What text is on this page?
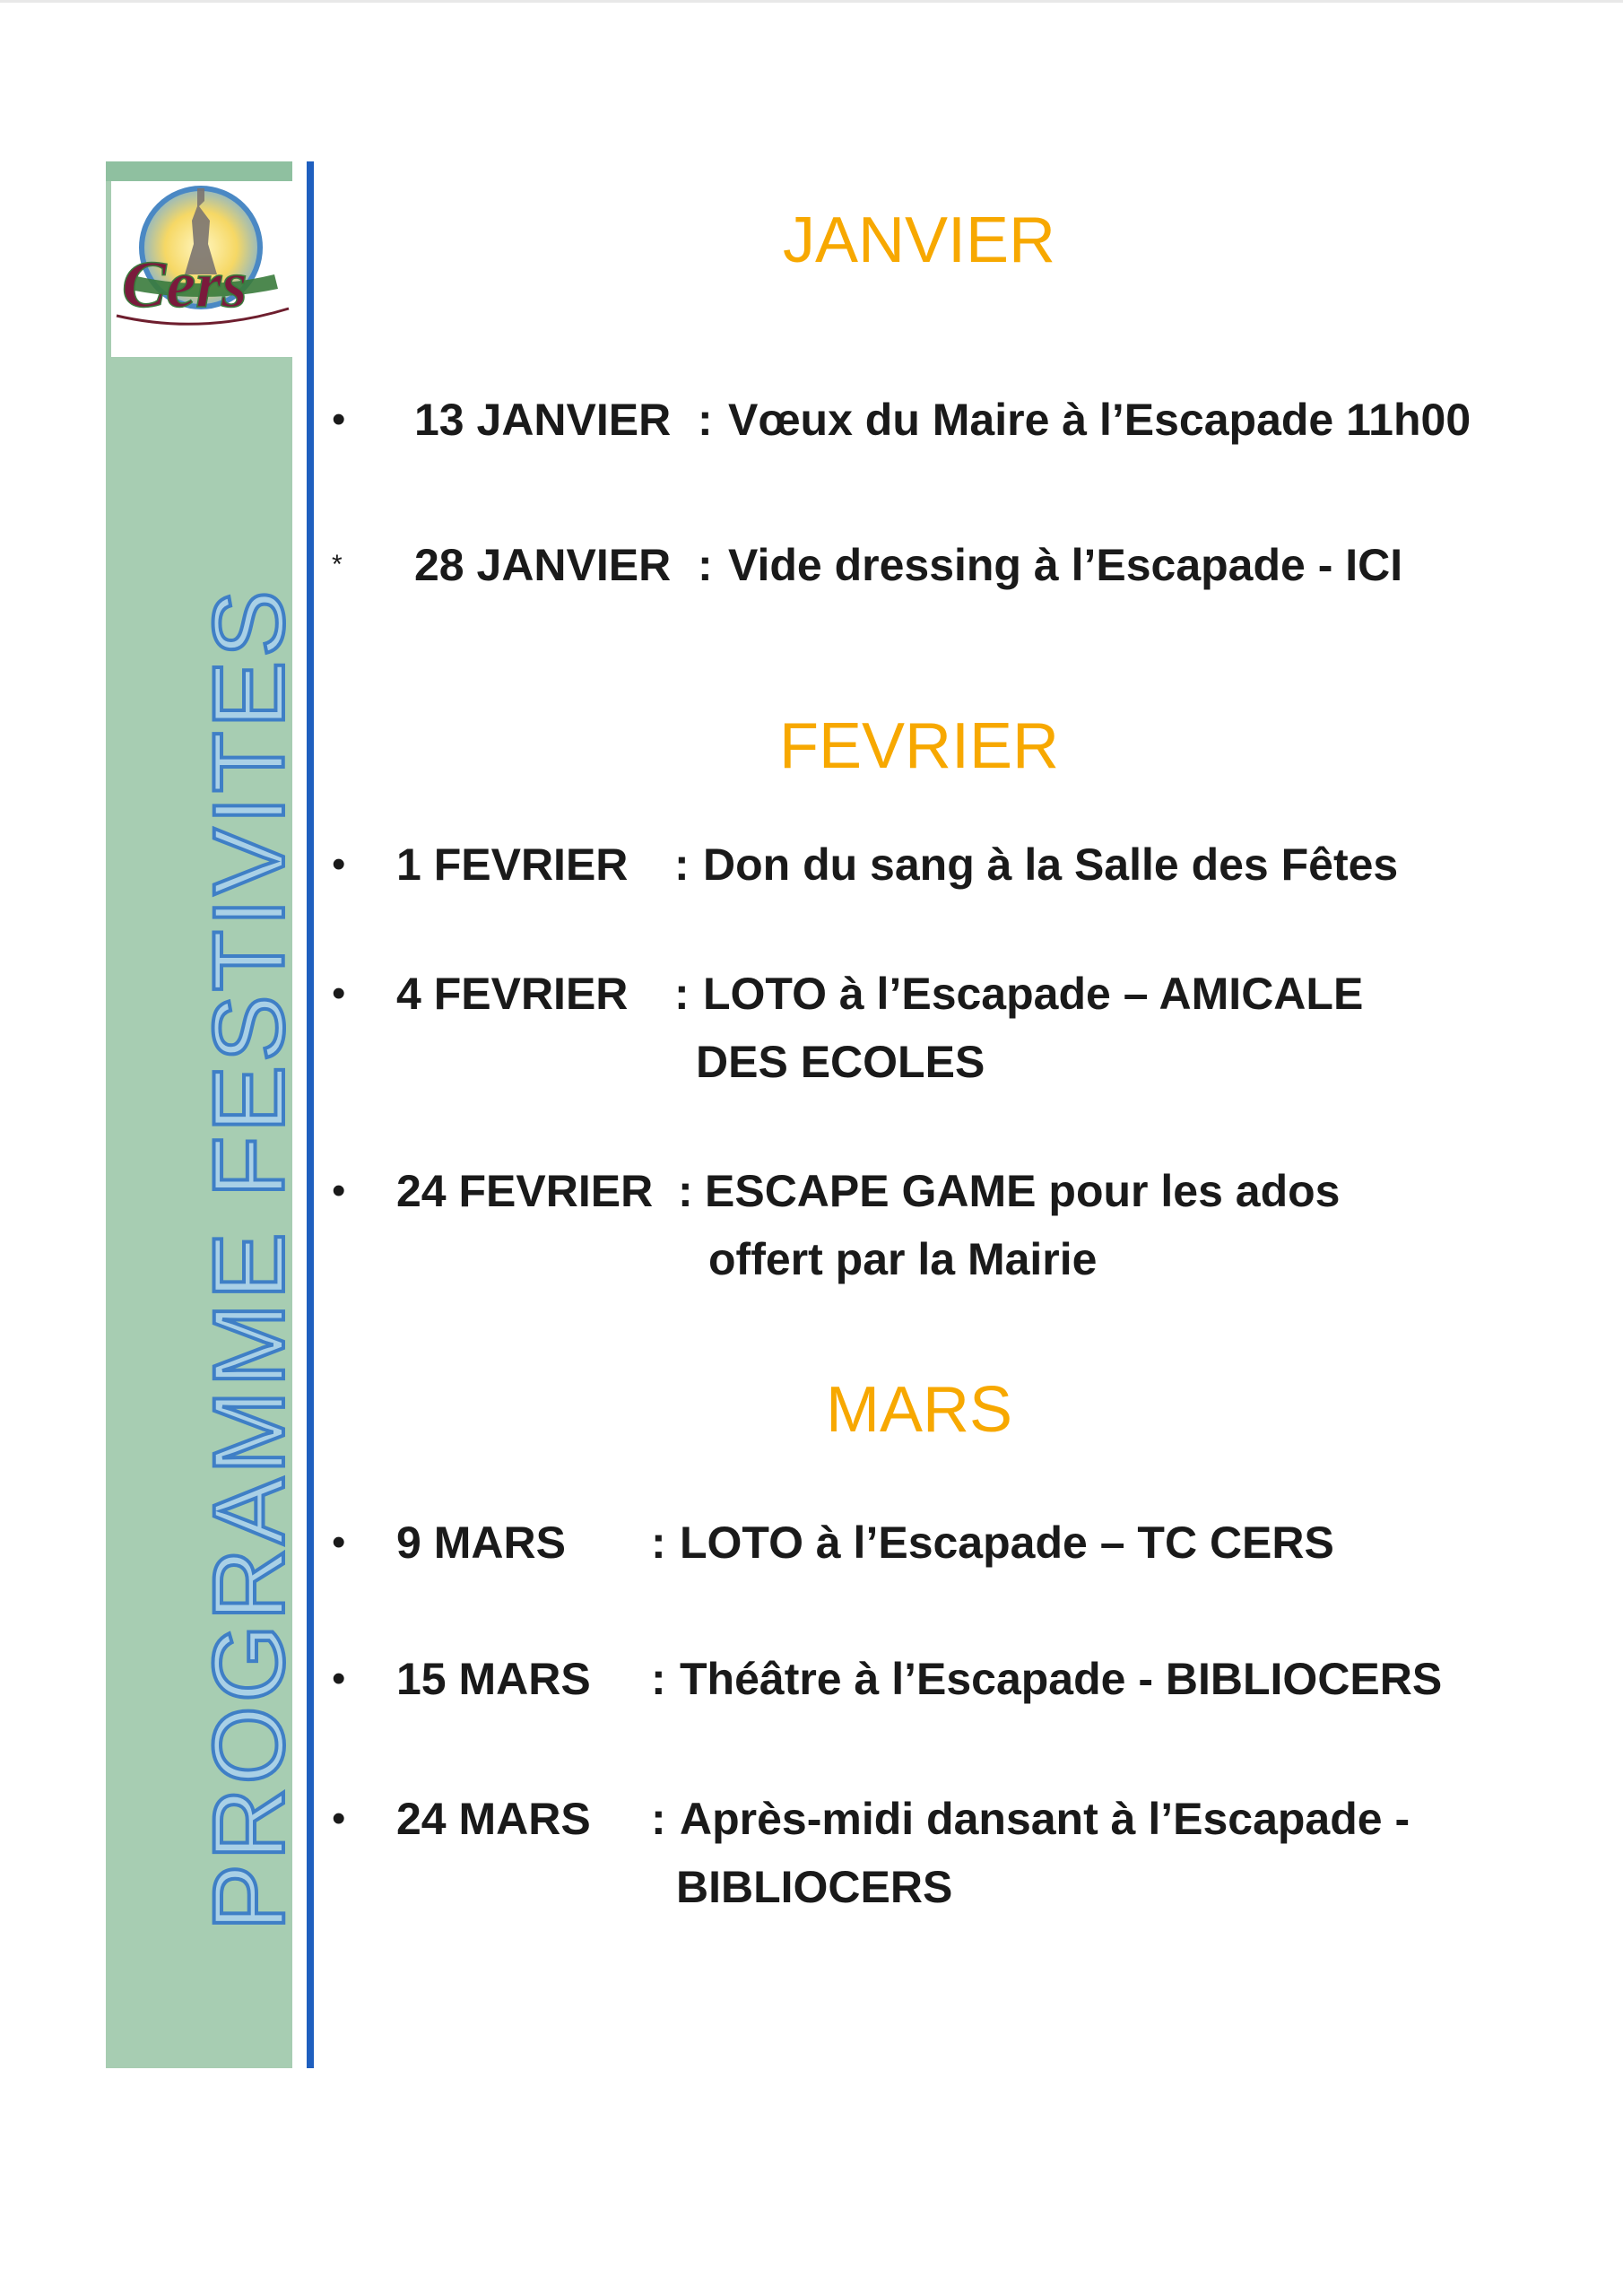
Cers
PROGRAMME FESTIVITES
JANVIER
FEVRIER
MARS
• 13 JANVIER : Vœux du Maire à l’Escapade 11h00
* 28 JANVIER : Vide dressing à l’Escapade - ICI
• 1 FEVRIER : Don du sang à la Salle des Fêtes
• 4 FEVRIER : LOTO à l’Escapade – AMICALE
DES ECOLES
• 24 FEVRIER : ESCAPE GAME pour les ados
offert par la Mairie
• 9 MARS : LOTO à l’Escapade – TC CERS
• 15 MARS : Théâtre à l’Escapade - BIBLIOCERS
• 24 MARS : Après-midi dansant à l’Escapade -
BIBLIOCERS
